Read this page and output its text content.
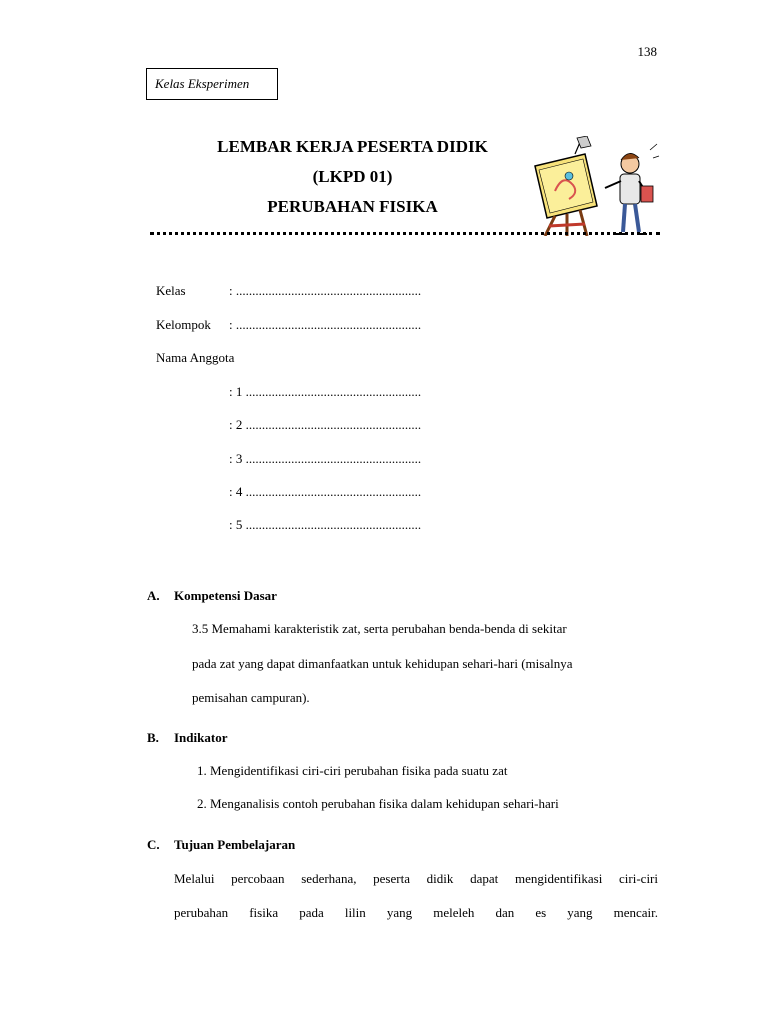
138
Kelas Eksperimen
LEMBAR KERJA PESERTA DIDIK
(LKPD 01)
PERUBAHAN FISIKA
Kelas	: .........................................................
Kelompok : .........................................................
Nama Anggota
: 1 ......................................................
: 2 ......................................................
: 3 ......................................................
: 4 ......................................................
: 5 ......................................................
A. Kompetensi Dasar
3.5 Memahami karakteristik zat, serta perubahan benda-benda di sekitar
pada zat yang dapat dimanfaatkan untuk kehidupan sehari-hari (misalnya
pemisahan campuran).
B. Indikator
1. Mengidentifikasi ciri-ciri perubahan fisika pada suatu zat
2. Menganalisis contoh perubahan fisika dalam kehidupan sehari-hari
C. Tujuan Pembelajaran
Melalui percobaan sederhana, peserta didik dapat mengidentifikasi ciri-ciri
perubahan fisika pada lilin yang meleleh dan es yang mencair.
